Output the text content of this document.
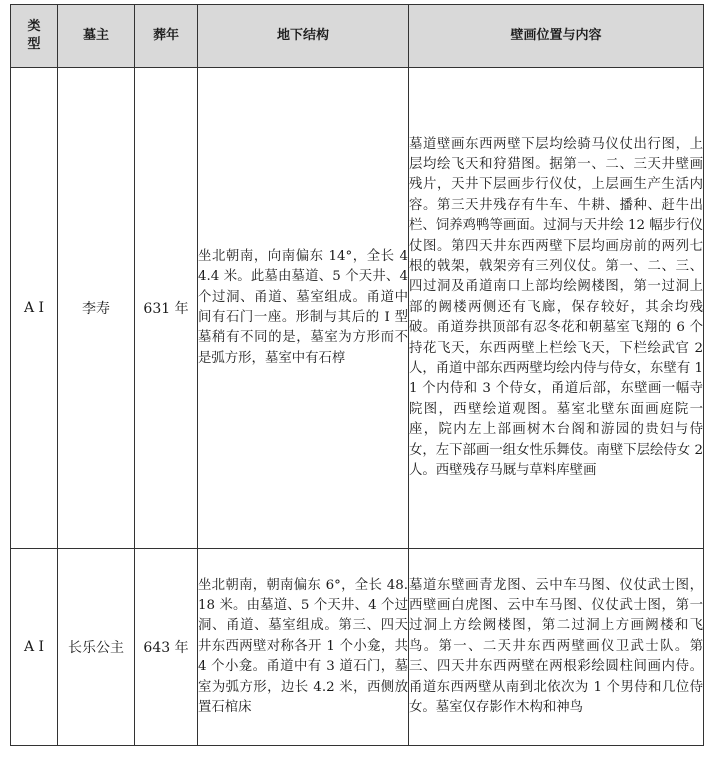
类型	墓主	葬年	地下结构	壁画位置与内容
A Ⅰ	李寿	631 年	坐北朝南，向南偏东 14°，全长 44.4 米。此墓由墓道、5 个天井、4 个过洞、甬道、墓室组成。甬道中间有石门一座。形制与其后的 I 型墓稍有不同的是，墓室为方形而不是弧方形，墓室中有石椁	墓道壁画东西两壁下层均绘骑马仪仗出行图，上层均绘飞天和狩猎图。据第一、二、三天井壁画残片，天井下层画步行仪仗，上层画生产生活内容。第三天井残存有牛车、牛耕、播种、赶牛出栏、饲养鸡鸭等画面。过洞与天井绘 12 幅步行仪仗图。第四天井东西两壁下层均画房前的两列七根的戟架，戟架旁有三列仪仗。第一、二、三、四过洞及甬道南口上部均绘阙楼图，第一过洞上部的阙楼两侧还有飞廊，保存较好，其余均残破。甬道券拱顶部有忍冬花和朝墓室飞翔的 6 个持花飞天，东西两壁上栏绘飞天，下栏绘武官 2 人，甬道中部东西两壁均绘内侍与侍女，东壁有 11 个内侍和 3 个侍女，甬道后部，东壁画一幅寺院图，西壁绘道观图。墓室北壁东面画庭院一座，院内左上部画树木台阁和游园的贵妇与侍女，左下部画一组女性乐舞伎。南壁下层绘侍女 2 人。西壁残存马厩与草料库壁画
A Ⅰ	长乐公主	643 年	坐北朝南，朝南偏东 6°，全长 48.18 米。由墓道、5 个天井、4 个过洞、甬道、墓室组成。第三、四天井东西两壁对称各开 1 个小龛，共 4 个小龛。甬道中有 3 道石门，墓室为弧方形，边长 4.2 米，西侧放置石棺床	墓道东壁画青龙图、云中车马图、仪仗武士图，西壁画白虎图、云中车马图、仪仗武士图，第一过洞上方绘阙楼图，第二过洞上方画阙楼和飞鸟。第一、二天井东西两壁画仪卫武士队。第三、四天井东西两壁在两根彩绘圆柱间画内侍。甬道东西两壁从南到北依次为 1 个男侍和几位侍女。墓室仅存影作木构和神鸟
